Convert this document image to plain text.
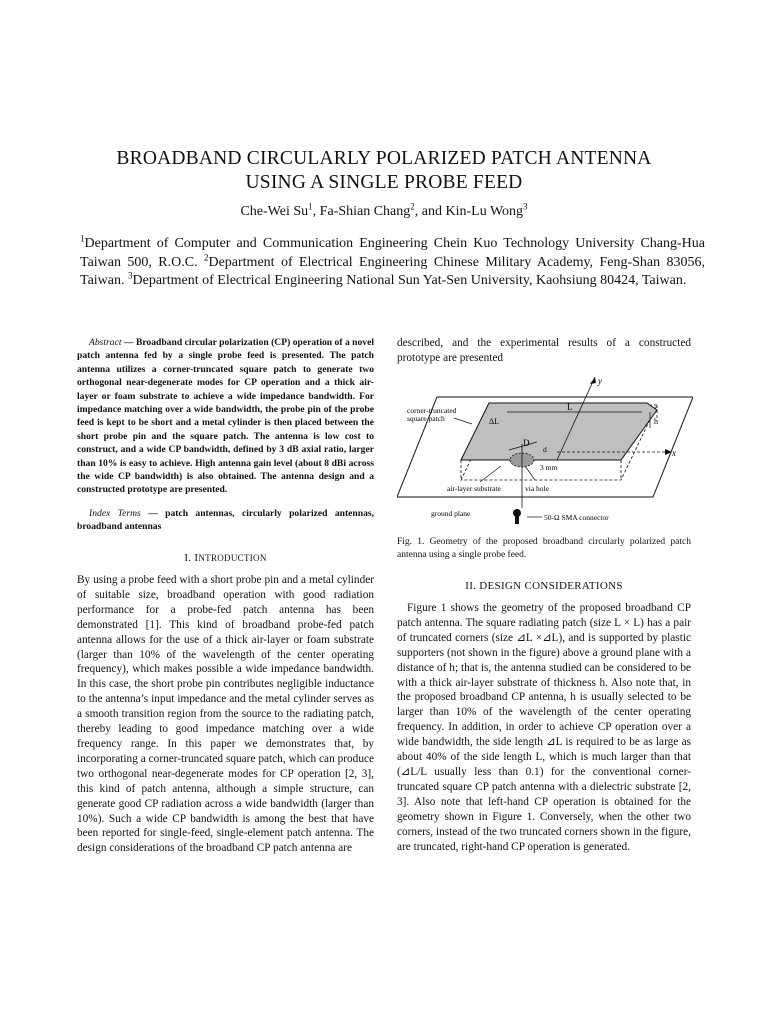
BROADBAND CIRCULARLY POLARIZED PATCH ANTENNA
USING A SINGLE PROBE FEED
Che-Wei Su$^1$, Fa-Shian Chang$^2$, and Kin-Lu Wong$^3$
$^1$Department of Computer and Communication Engineering Chein Kuo Technology University Chang-Hua Taiwan 500, R.O.C. $^2$Department of Electrical Engineering Chinese Military Academy, Feng-Shan 83056, Taiwan. $^3$Department of Electrical Engineering National Sun Yat-Sen University, Kaohsiung 80424, Taiwan.
Abstract — Broadband circular polarization (CP) operation of a novel patch antenna fed by a single probe feed is presented. The patch antenna utilizes a corner-truncated square patch to generate two orthogonal near-degenerate modes for CP operation and a thick air-layer or foam substrate to achieve a wide impedance bandwidth. For impedance matching over a wide bandwidth, the probe pin of the probe feed is kept to be short and a metal cylinder is then placed between the short probe pin and the square patch. The antenna is low cost to construct, and a wide CP bandwidth, defined by 3 dB axial ratio, larger than 10% is easy to achieve. High antenna gain level (about 8 dBi across the wide CP bandwidth) is also obtained. The antenna design and a constructed prototype are presented.
Index Terms — patch antennas, circularly polarized antennas, broadband antennas
I. INTRODUCTION
By using a probe feed with a short probe pin and a metal cylinder of suitable size, broadband operation with good radiation performance for a probe-fed patch antenna has been demonstrated [1]. This kind of broadband probe-fed patch antenna allows for the use of a thick air-layer or foam substrate (larger than 10% of the wavelength of the center operating frequency), which makes possible a wide impedance bandwidth. In this case, the short probe pin contributes negligible inductance to the antenna’s input impedance and the metal cylinder serves as a smooth transition region from the source to the radiating patch, thereby leading to good impedance matching over a wide frequency range. In this paper we demonstrates that, by incorporating a corner-truncated square patch, which can produce two orthogonal near-degenerate modes for CP operation [2, 3], this kind of patch antenna, although a simple structure, can generate good CP radiation across a wide bandwidth (larger than 10%). Such a wide CP bandwidth is among the best that have been reported for single-feed, single-element patch antenna. The design considerations of the broadband CP patch antenna are
described, and the experimental results of a constructed prototype are presented
y
x
corner-truncated
square patch
L
ΔL	h
D
d
3 mm
air-layer substrate	via hole
ground plane	50-Ω SMA connector
Fig. 1. Geometry of the proposed broadband circularly polarized patch antenna using a single probe feed.
II. DESIGN CONSIDERATIONS
Figure 1 shows the geometry of the proposed broadband CP patch antenna. The square radiating patch (size L × L) has a pair of truncated corners (size ⊿L ×⊿L), and is supported by plastic supporters (not shown in the figure) above a ground plane with a distance of h; that is, the antenna studied can be considered to be with a thick air-layer substrate of thickness h. Also note that, in the proposed broadband CP antenna, h is usually selected to be larger than 10% of the wavelength of the center operating frequency. In addition, in order to achieve CP operation over a wide bandwidth, the side length ⊿L is required to be as large as about 40% of the side length L, which is much larger than that (⊿L/L usually less than 0.1) for the conventional corner-truncated square CP patch antenna with a dielectric substrate [2, 3]. Also note that left-hand CP operation is obtained for the geometry shown in Figure 1. Conversely, when the other two corners, instead of the two truncated corners shown in the figure, are truncated, right-hand CP operation is generated.
